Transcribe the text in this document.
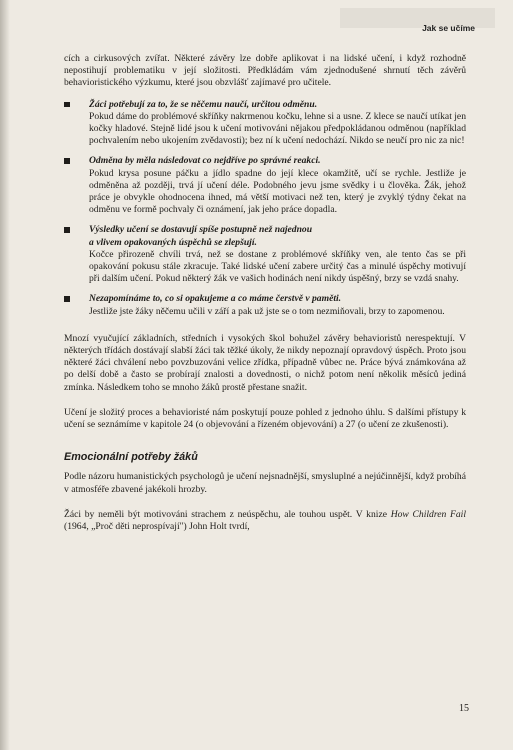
Jak se učíme

cích a cirkusových zvířat. Některé závěry lze dobře aplikovat i na lidské učení, i když rozhodně nepostihují problematiku v její složitosti. Předkládám vám zjednodušené shrnutí těch závěrů behavioristického výzkumu, které jsou obzvlášť zajímavé pro učitele.

Žáci potřebují za to, že se něčemu naučí, určitou odměnu.
Pokud dáme do problémové skříňky nakrmenou kočku, lehne si a usne. Z klece se naučí utíkat jen kočky hladové. Stejně lidé jsou k učení motivováni nějakou předpokládanou odměnou (například pochvalením nebo ukojením zvědavosti); bez ní k učení nedochází. Nikdo se neučí pro nic za nic!
Odměna by měla následovat co nejdříve po správné reakci.
Pokud krysa posune páčku a jídlo spadne do její klece okamžitě, učí se rychle. Jestliže je odměněna až později, trvá jí učení déle. Podobného jevu jsme svědky i u člověka. Žák, jehož práce je obvykle ohodnocena ihned, má větší motivaci než ten, který je zvyklý týdny čekat na odměnu ve formě pochvaly či oznámení, jak jeho práce dopadla.
Výsledky učení se dostavují spíše postupně než najednou
a vlivem opakovaných úspěchů se zlepšují.
Kočce přirozeně chvíli trvá, než se dostane z problémové skříňky ven, ale tento čas se při opakování pokusu stále zkracuje. Také lidské učení zabere určitý čas a minulé úspěchy motivují při dalším učení. Pokud některý žák ve vašich hodinách není nikdy úspěšný, brzy se vzdá snahy.
Nezapomínáme to, co si opakujeme a co máme čerstvě v paměti.
Jestliže jste žáky něčemu učili v září a pak už jste se o tom nezmiňovali, brzy to zapomenou.

Mnozí vyučující základních, středních i vysokých škol bohužel závěry behavioristů nerespektují. V některých třídách dostávají slabší žáci tak těžké úkoly, že nikdy nepoznají opravdový úspěch. Proto jsou některé žáci chválení nebo povzbuzováni velice zřídka, případně vůbec ne. Práce bývá známkována až po delší době a často se probírají znalosti a dovednosti, o nichž potom není několik měsíců jediná zmínka. Následkem toho se mnoho žáků prostě přestane snažit.

Učení je složitý proces a behavioristé nám poskytují pouze pohled z jednoho úhlu. S dalšími přístupy k učení se seznámíme v kapitole 24 (o objevování a řízeném objevování) a 27 (o učení ze zkušenosti).

Emocionální potřeby žáků

Podle názoru humanistických psychologů je učení nejsnadnější, smysluplné a nejúčinnější, když probíhá v atmosféře zbavené jakékoli hrozby.

Žáci by neměli být motivováni strachem z neúspěchu, ale touhou uspět. V knize How Children Fail (1964, „Proč děti neprospívají") John Holt tvrdí,

15
